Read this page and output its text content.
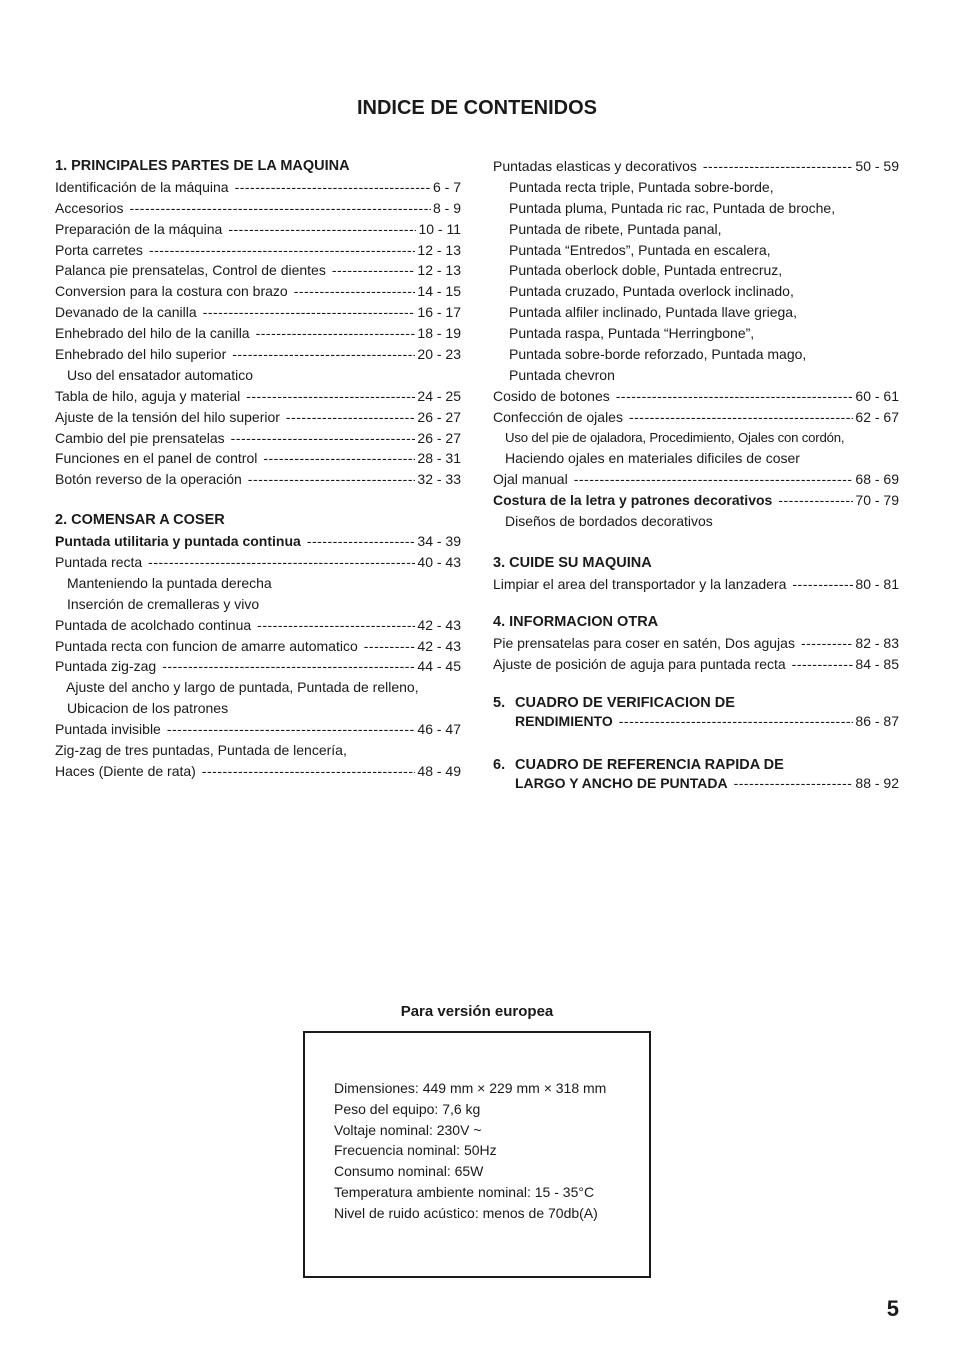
INDICE DE CONTENIDOS
1. PRINCIPALES PARTES DE LA MAQUINA
Identificación de la máquina -----	6 - 7
Accesorios -----	8 - 9
Preparación de la máquina -----	10 - 11
Porta carretes -----	12 - 13
Palanca pie prensatelas, Control de dientes -----	12 - 13
Conversion para la costura con brazo -----	14 - 15
Devanado de la canilla -----	16 - 17
Enhebrado del hilo de la canilla -----	18 - 19
Enhebrado del hilo superior -----	20 - 23
Uso del ensatador automatico
Tabla de hilo, aguja y material -----	24 - 25
Ajuste de la tensión del hilo superior -----	26 - 27
Cambio del pie prensatelas -----	26 - 27
Funciones en el panel de control -----	28 - 31
Botón reverso de la operación -----	32 - 33
2. COMENSAR A COSER
Puntada utilitaria y puntada continua -----	34 - 39
Puntada recta -----	40 - 43
Manteniendo la puntada derecha
Inserción de cremalleras y vivo
Puntada de acolchado continua -----	42 - 43
Puntada recta con funcion de amarre automatico -----	42 - 43
Puntada zig-zag -----	44 - 45
Ajuste del ancho y largo de puntada, Puntada de relleno,
Ubicacion de los patrones
Puntada invisible -----	46 - 47
Zig-zag de tres puntadas, Puntada de lencería,
Haces (Diente de rata) -----	48 - 49
Puntadas elasticas y decorativos -----	50 - 59
Puntada recta triple, Puntada sobre-borde,
Puntada pluma, Puntada ric rac, Puntada de broche,
Puntada de ribete, Puntada panal,
Puntada “Entredos”, Puntada en escalera,
Puntada oberlock doble, Puntada entrecruz,
Puntada cruzado, Puntada overlock inclinado,
Puntada alfiler inclinado, Puntada llave griega,
Puntada raspa, Puntada “Herringbone”,
Puntada sobre-borde reforzado, Puntada mago,
Puntada chevron
Cosido de botones -----	60 - 61
Confección de ojales -----	62 - 67
Uso del pie de ojaladora, Procedimiento, Ojales con cordón,
Haciendo ojales en materiales dificiles de coser
Ojal manual -----	68 - 69
Costura de la letra y patrones decorativos -----	70 - 79
Diseños de bordados decorativos
3. CUIDE SU MAQUINA
Limpiar el area del transportador y la lanzadera -----	80 - 81
4. INFORMACION OTRA
Pie prensatelas para coser en satén, Dos agujas -----	82 - 83
Ajuste de posición de aguja para puntada recta -----	84 - 85
5. CUADRO DE VERIFICACION DE
RENDIMIENTO -----	86 - 87
6. CUADRO DE REFERENCIA RAPIDA DE
LARGO Y ANCHO DE PUNTADA -----	88 - 92
Para versión europea
Dimensiones: 449 mm × 229 mm × 318 mm
Peso del equipo: 7,6 kg
Voltaje nominal: 230V ~
Frecuencia nominal: 50Hz
Consumo nominal: 65W
Temperatura ambiente nominal: 15 - 35°C
Nivel de ruido acústico: menos de 70db(A)
5
